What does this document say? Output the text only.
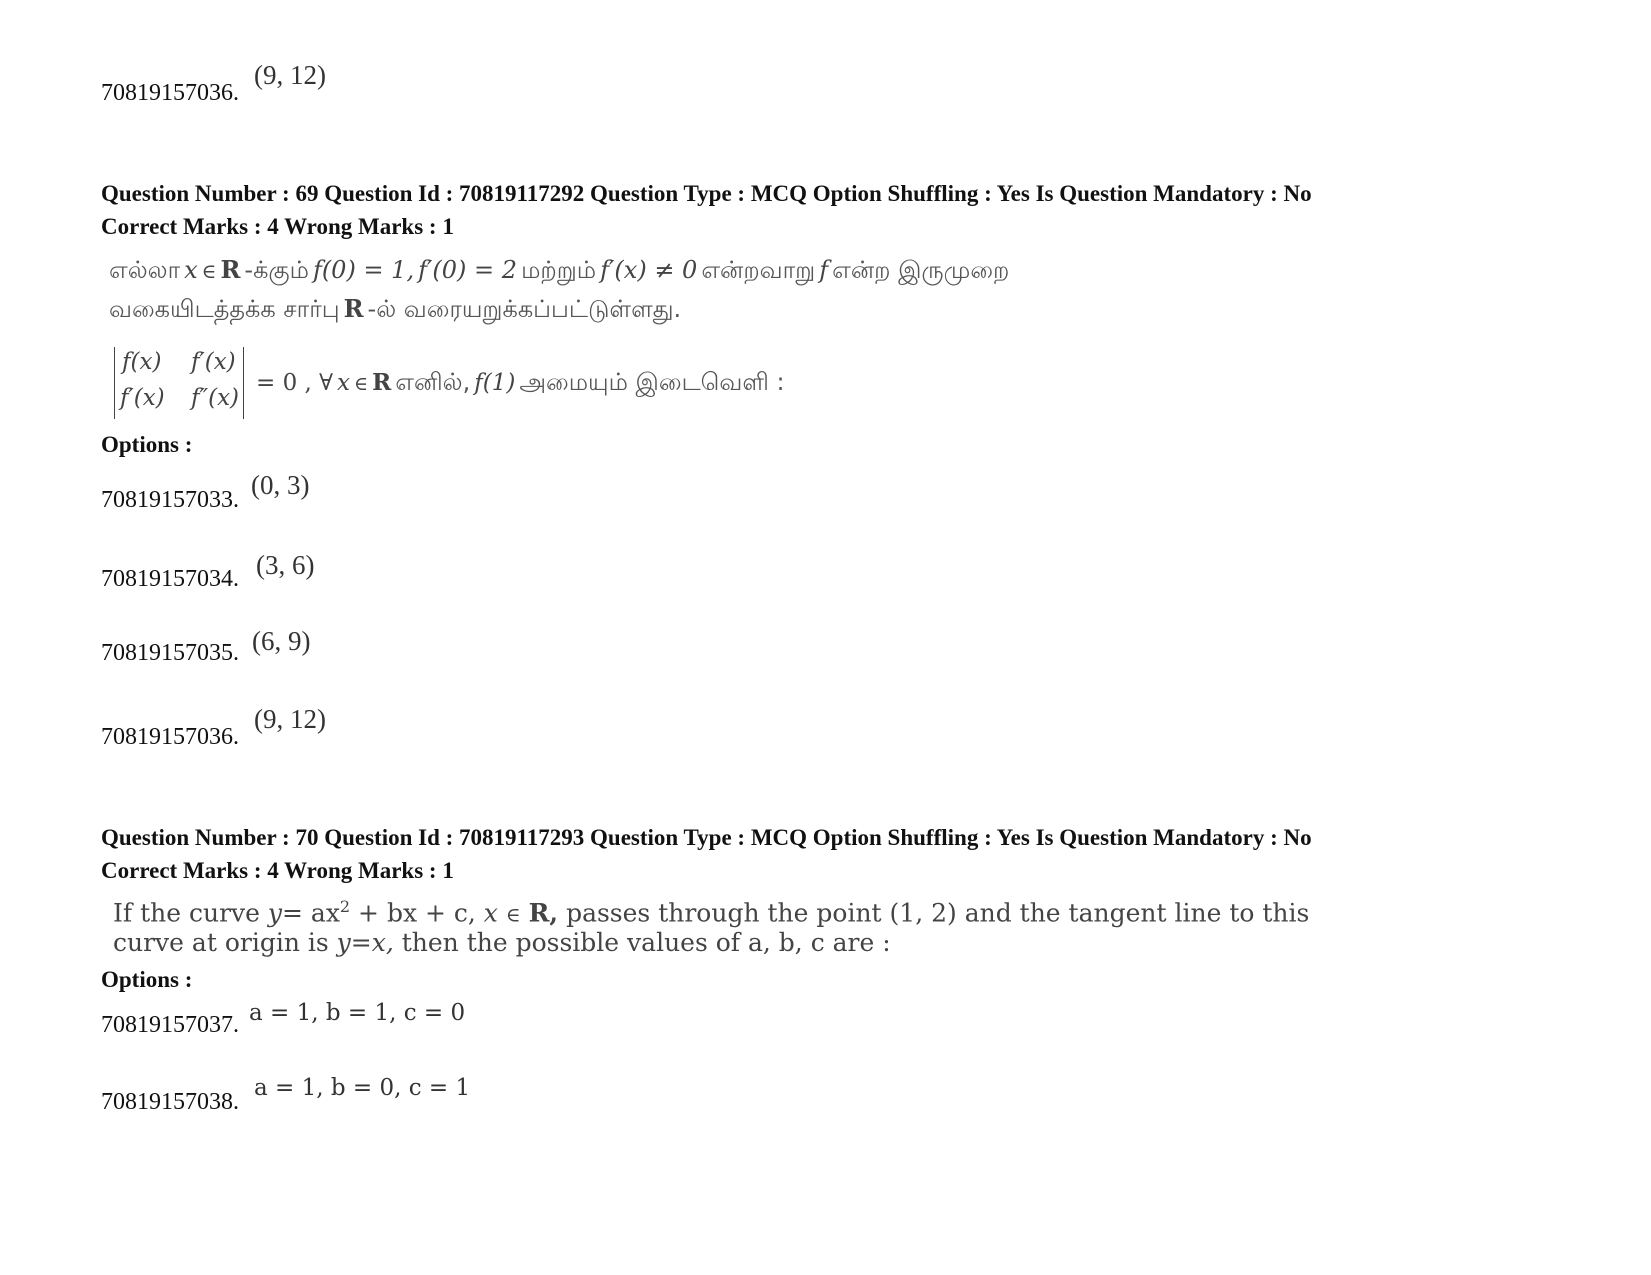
70819157036.
(9, 12)
Question Number : 69 Question Id : 70819117292 Question Type : MCQ Option Shuffling : Yes Is Question Mandatory : No
Correct Marks : 4 Wrong Marks : 1
எல்லா x ∈ R -க்கும் f(0) = 1, f′(0) = 2 மற்றும் f′(x) ≠ 0 என்றவாறு f என்ற இருமுறை
வகையிடத்தக்க சார்பு R -ல் வரையறுக்கப்பட்டுள்ளது.
f(x) f′(x)
f′(x) f″(x)
= 0 , ∀ x ∈ R எனில், f(1) அமையும் இடைவெளி :
Options :
70819157033. (0, 3)
70819157034. (3, 6)
70819157035. (6, 9)
70819157036.
(9, 12)
Question Number : 70 Question Id : 70819117293 Question Type : MCQ Option Shuffling : Yes Is Question Mandatory : No
Correct Marks : 4 Wrong Marks : 1
If the curve $y= ax^2$ + bx + c, x ∈ R, passes through the point (1, 2) and the tangent line to this
curve at origin is y=x, then the possible values of a, b, c are :
Options :
70819157037. a = 1, b = 1, c = 0
70819157038.
a = 1, b = 0, c = 1
